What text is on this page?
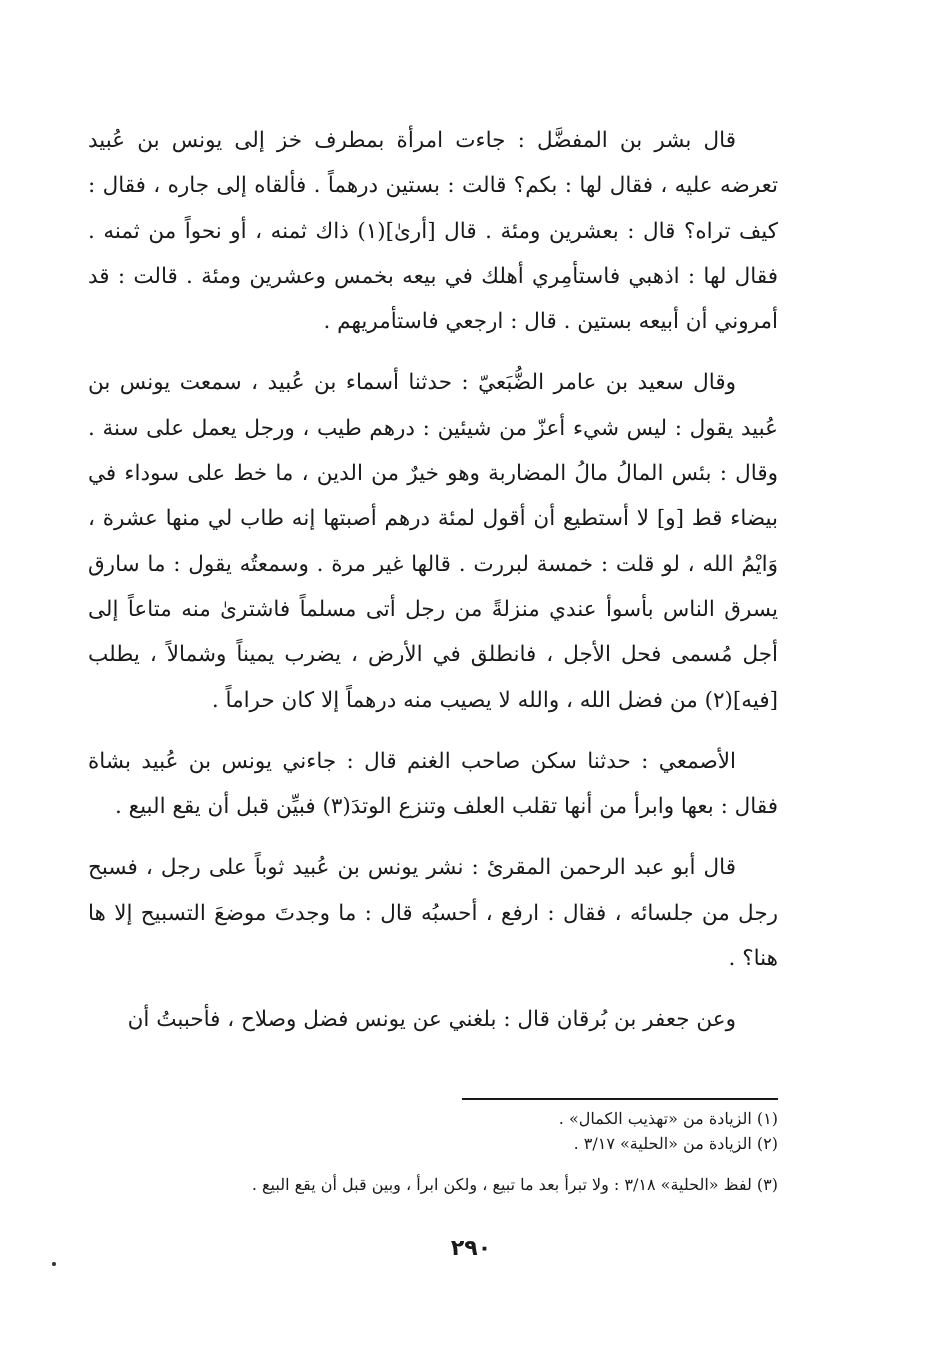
قال بشر بن المفضَّل : جاءت امرأة بمطرف خز إلى يونس بن عُبيد تعرضه عليه ، فقال لها : بكم؟ قالت : بستين درهماً . فألقاه إلى جاره ، فقال : كيف تراه؟ قال : بعشرين ومئة . قال [أرىٰ](١) ذاك ثمنه ، أو نحواً من ثمنه . فقال لها : اذهبي فاستأمِري أهلك في بيعه بخمس وعشرين ومئة . قالت : قد أمروني أن أبيعه بستين . قال : ارجعي فاستأمريهم .

وقال سعيد بن عامر الضُّبَعيّ : حدثنا أسماء بن عُبيد ، سمعت يونس بن عُبيد يقول : ليس شيء أعزّ من شيئين : درهم طيب ، ورجل يعمل على سنة . وقال : بئس المالُ مالُ المضاربة وهو خيرٌ من الدين ، ما خط على سوداء في بيضاء قط [و] لا أستطيع أن أقول لمئة درهم أصبتها إنه طاب لي منها عشرة ، وَايْمُ الله ، لو قلت : خمسة لبررت . قالها غير مرة . وسمعتُه يقول : ما سارق يسرق الناس بأسوأ عندي منزلةً من رجل أتى مسلماً فاشترىٰ منه متاعاً إلى أجل مُسمى فحل الأجل ، فانطلق في الأرض ، يضرب يميناً وشمالاً ، يطلب [فيه](٢) من فضل الله ، والله لا يصيب منه درهماً إلا كان حراماً .

الأصمعي : حدثنا سكن صاحب الغنم قال : جاءني يونس بن عُبيد بشاة فقال : بعها وابرأ من أنها تقلب العلف وتنزع الوتدَ(٣) فبيِّن قبل أن يقع البيع .

قال أبو عبد الرحمن المقرئ : نشر يونس بن عُبيد ثوباً على رجل ، فسبح رجل من جلسائه ، فقال : ارفع ، أحسبُه قال : ما وجدتَ موضعَ التسبيح إلا ها هنا؟ .

وعن جعفر بن بُرقان قال : بلغني عن يونس فضل وصلاح ، فأحببتُ أن

(١) الزيادة من «تهذيب الكمال» .

(٢) الزيادة من «الحلية» ٣/١٧ .

(٣) لفظ «الحلية» ٣/١٨ : ولا تبرأ بعد ما تبيع ، ولكن ابرأ ، وبين قبل أن يقع البيع .

٢٩٠
